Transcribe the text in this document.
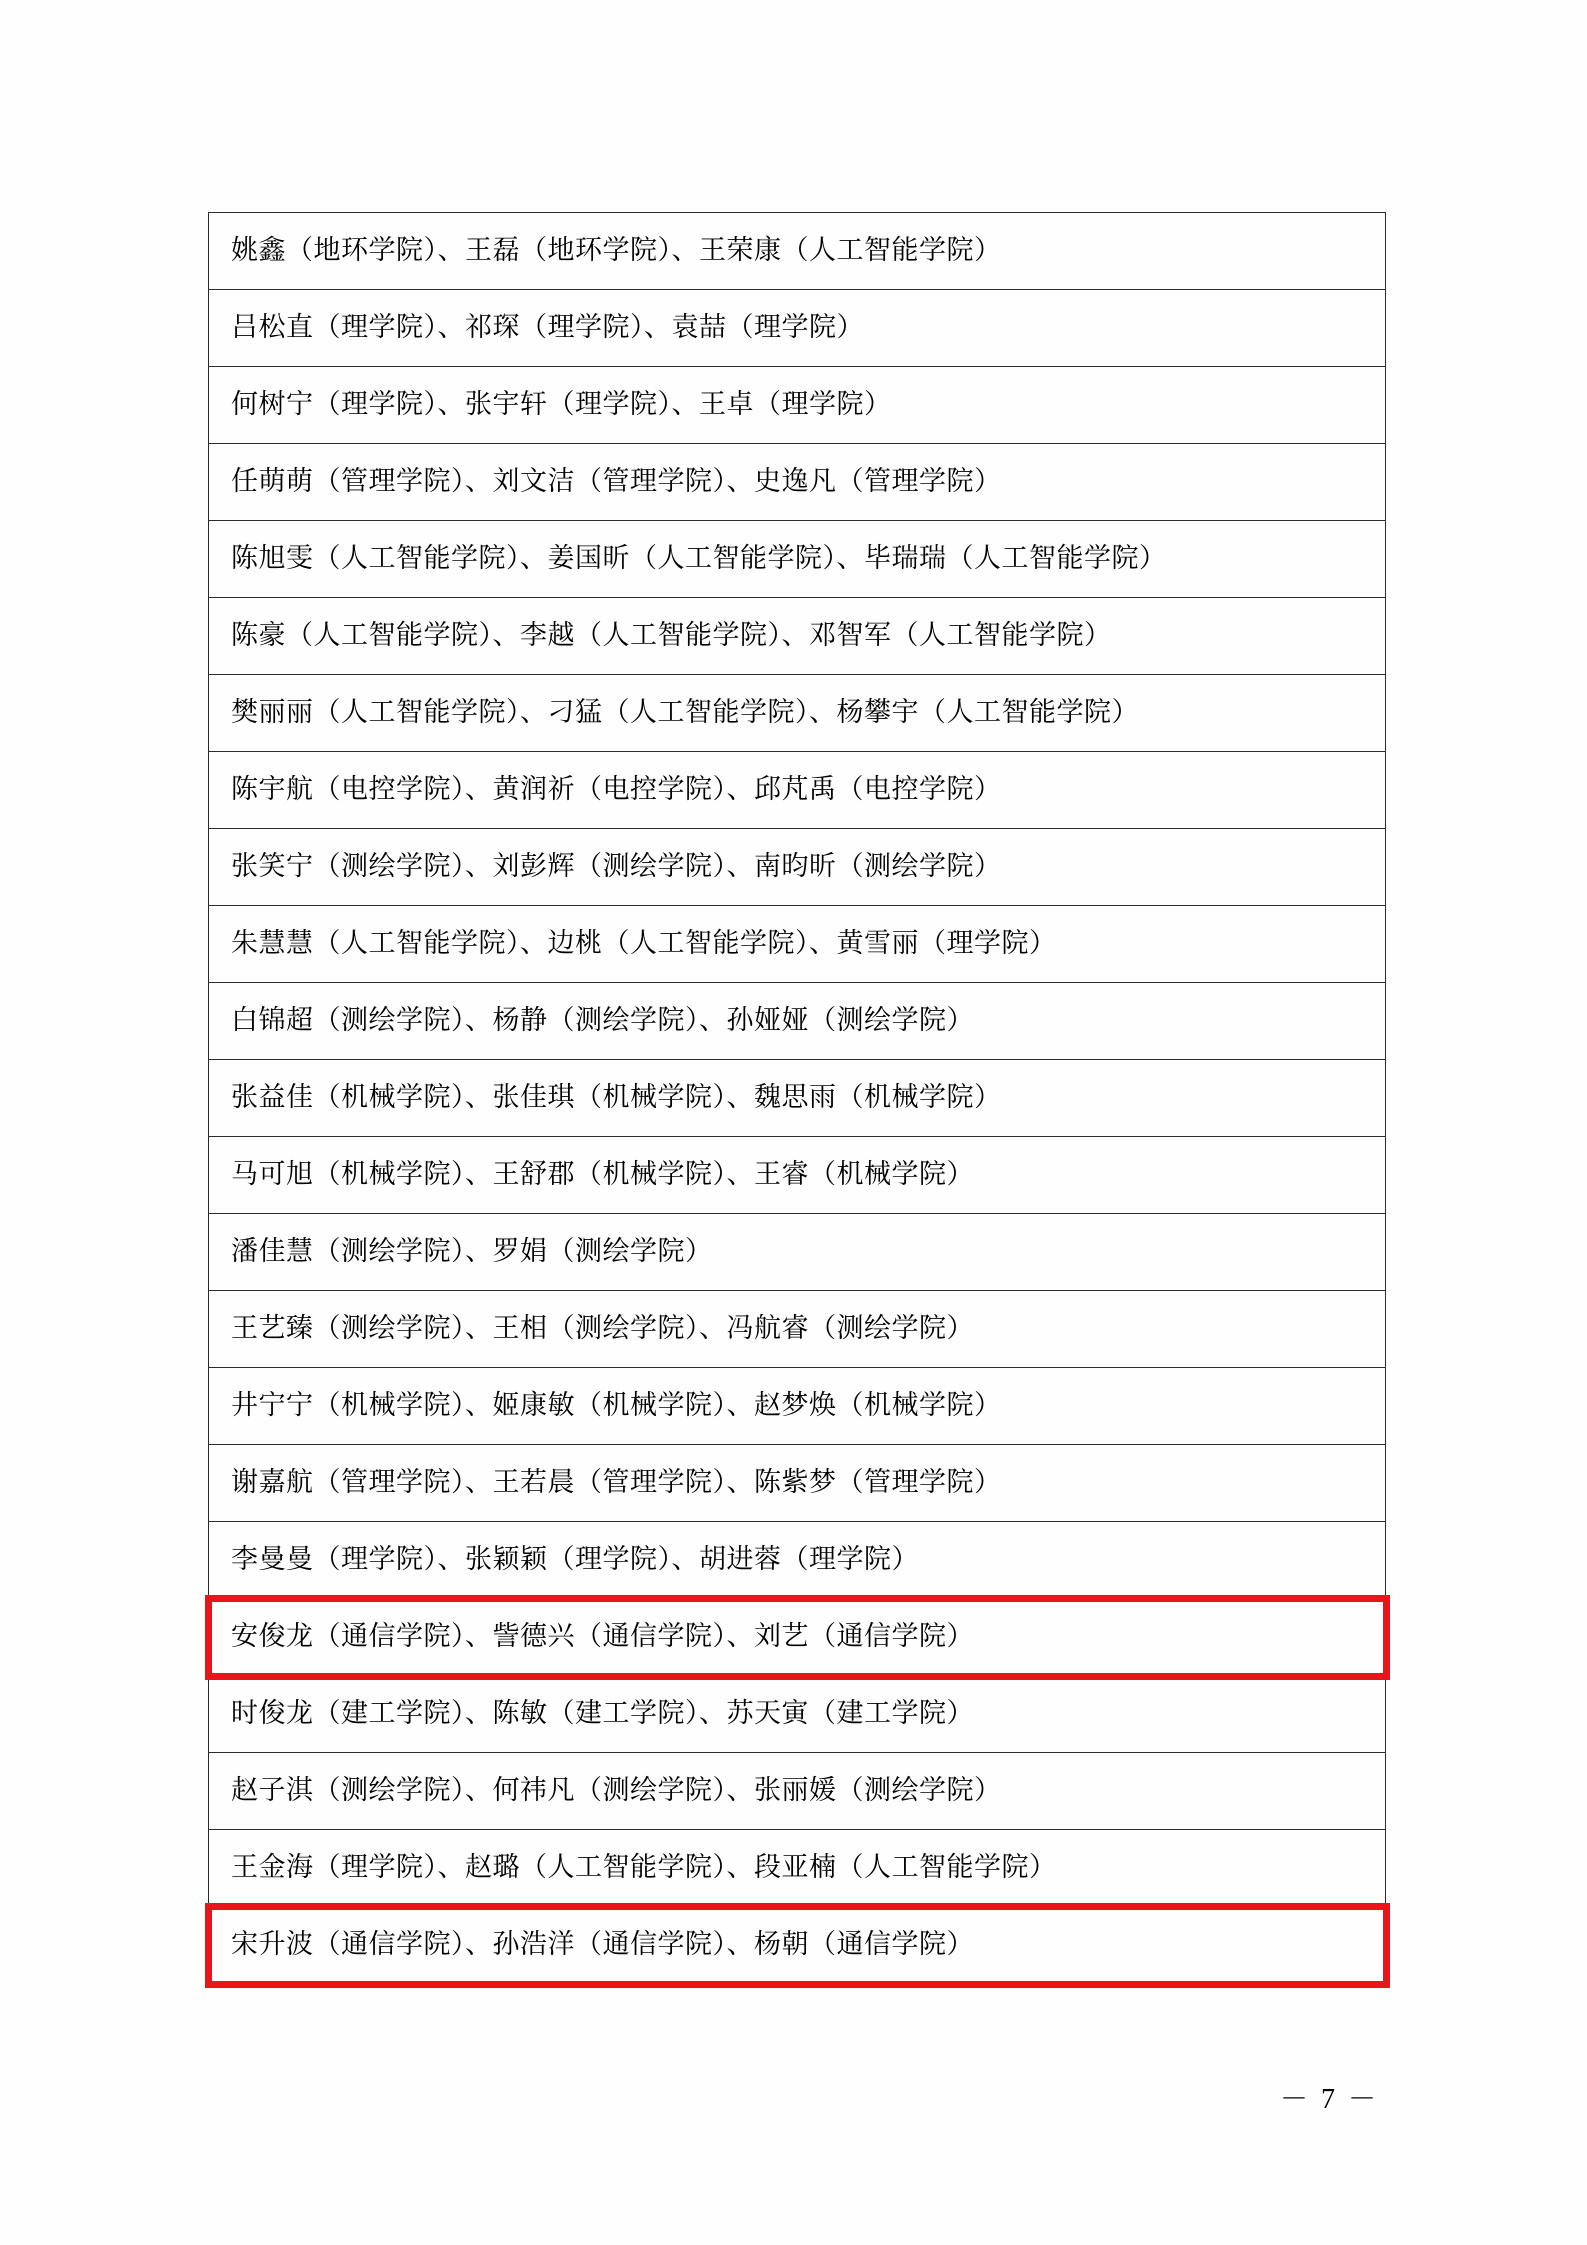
姚鑫（地环学院）、王磊（地环学院）、王荣康（人工智能学院）
吕松直（理学院）、祁琛（理学院）、袁喆（理学院）
何树宁（理学院）、张宇轩（理学院）、王卓（理学院）
任萌萌（管理学院）、刘文洁（管理学院）、史逸凡（管理学院）
陈旭雯（人工智能学院）、姜国昕（人工智能学院）、毕瑞瑞（人工智能学院）
陈豪（人工智能学院）、李越（人工智能学院）、邓智军（人工智能学院）
樊丽丽（人工智能学院）、刁猛（人工智能学院）、杨攀宇（人工智能学院）
陈宇航（电控学院）、黄润祈（电控学院）、邱芃禹（电控学院）
张笑宁（测绘学院）、刘彭辉（测绘学院）、南昀昕（测绘学院）
朱慧慧（人工智能学院）、边桃（人工智能学院）、黄雪丽（理学院）
白锦超（测绘学院）、杨静（测绘学院）、孙娅娅（测绘学院）
张益佳（机械学院）、张佳琪（机械学院）、魏思雨（机械学院）
马可旭（机械学院）、王舒郡（机械学院）、王睿（机械学院）
潘佳慧（测绘学院）、罗娟（测绘学院）
王艺臻（测绘学院）、王相（测绘学院）、冯航睿（测绘学院）
井宁宁（机械学院）、姬康敏（机械学院）、赵梦焕（机械学院）
谢嘉航（管理学院）、王若晨（管理学院）、陈紫梦（管理学院）
李曼曼（理学院）、张颖颖（理学院）、胡进蓉（理学院）
安俊龙（通信学院）、訾德兴（通信学院）、刘艺（通信学院）
时俊龙（建工学院）、陈敏（建工学院）、苏天寅（建工学院）
赵子淇（测绘学院）、何祎凡（测绘学院）、张丽媛（测绘学院）
王金海（理学院）、赵璐（人工智能学院）、段亚楠（人工智能学院）
宋升波（通信学院）、孙浩洋（通信学院）、杨朝（通信学院）
－ 7 －
